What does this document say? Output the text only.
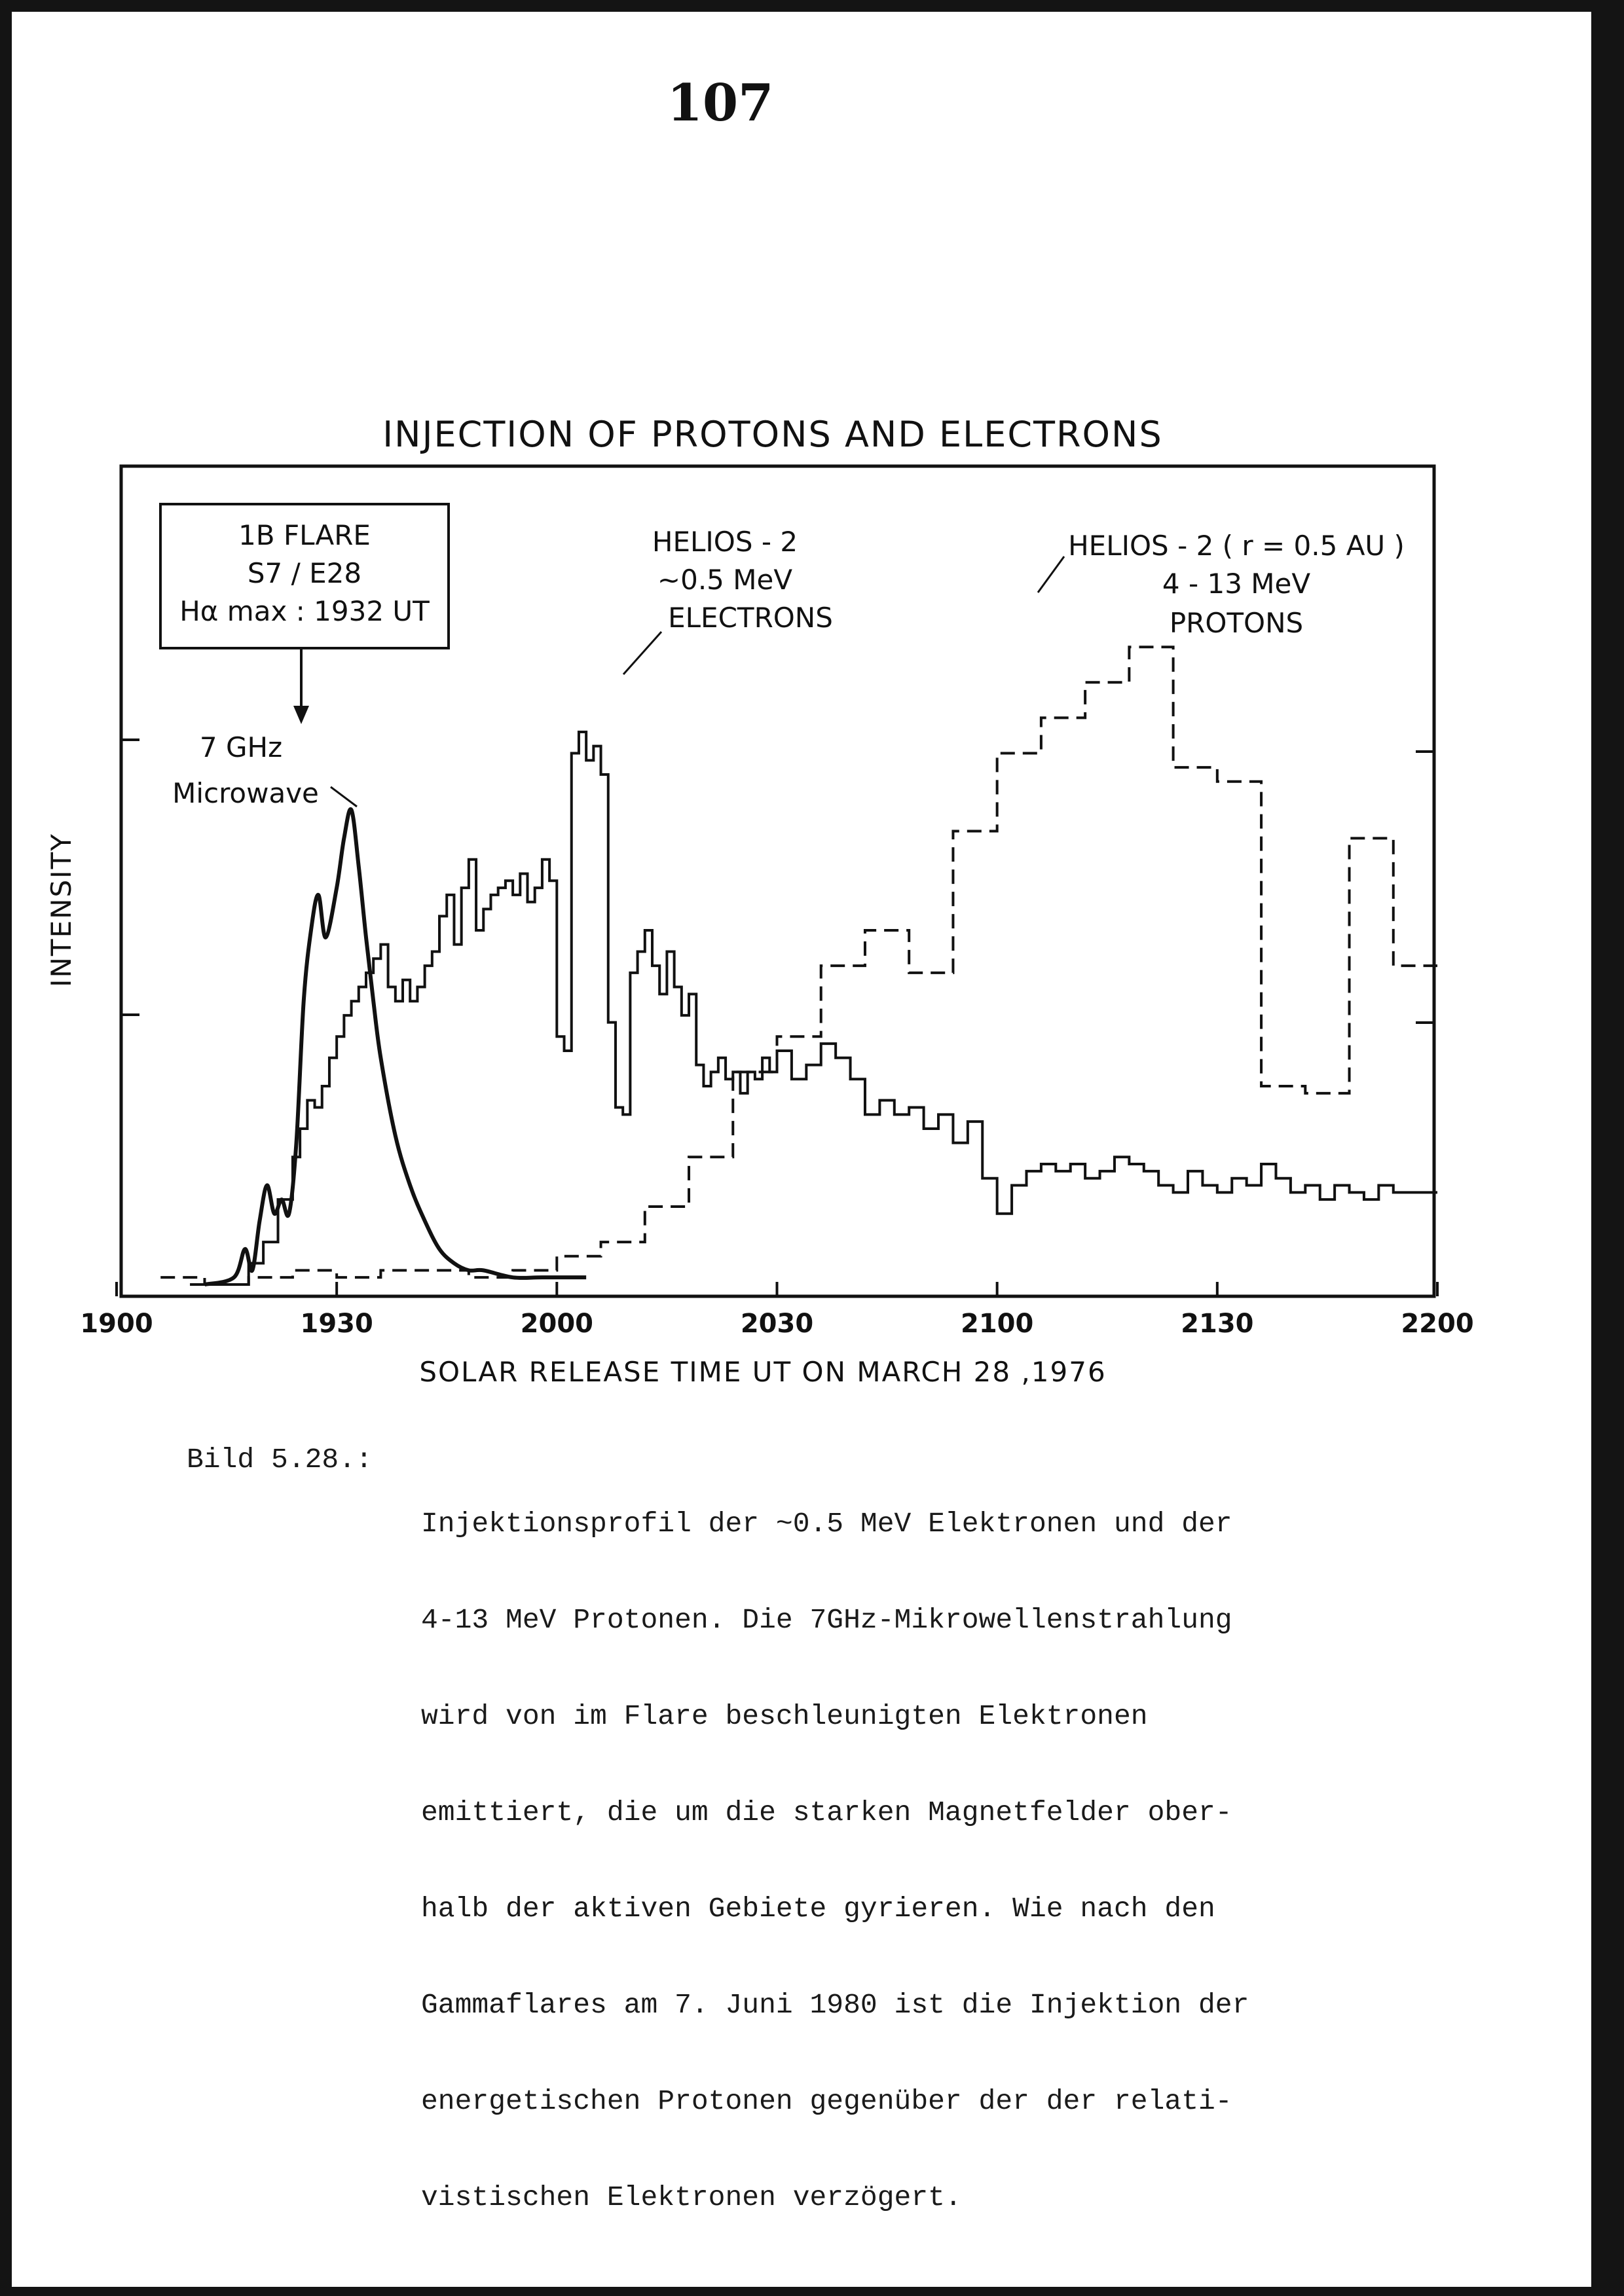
107
INJECTION OF PROTONS AND ELECTRONS
1900	1930	2000	2030	2100	2130	2200
INTENSITY
SOLAR RELEASE TIME UT ON MARCH 28 ,1976
1B FLARE
S7 / E28
Hα max : 1932 UT
7 GHz
Microwave
HELIOS - 2
~0.5 MeV
ELECTRONS
HELIOS - 2 ( r = 0.5 AU )
4 - 13 MeV
PROTONS
Bild 5.28.:

Injektionsprofil der ~0.5 MeV Elektronen und der

4-13 MeV Protonen. Die 7GHz-Mikrowellenstrahlung

wird von im Flare beschleunigten Elektronen

emittiert, die um die starken Magnetfelder ober-

halb der aktiven Gebiete gyrieren. Wie nach den

Gammaflares am 7. Juni 1980 ist die Injektion der

energetischen Protonen gegenüber der der relati-

vistischen Elektronen verzögert.
